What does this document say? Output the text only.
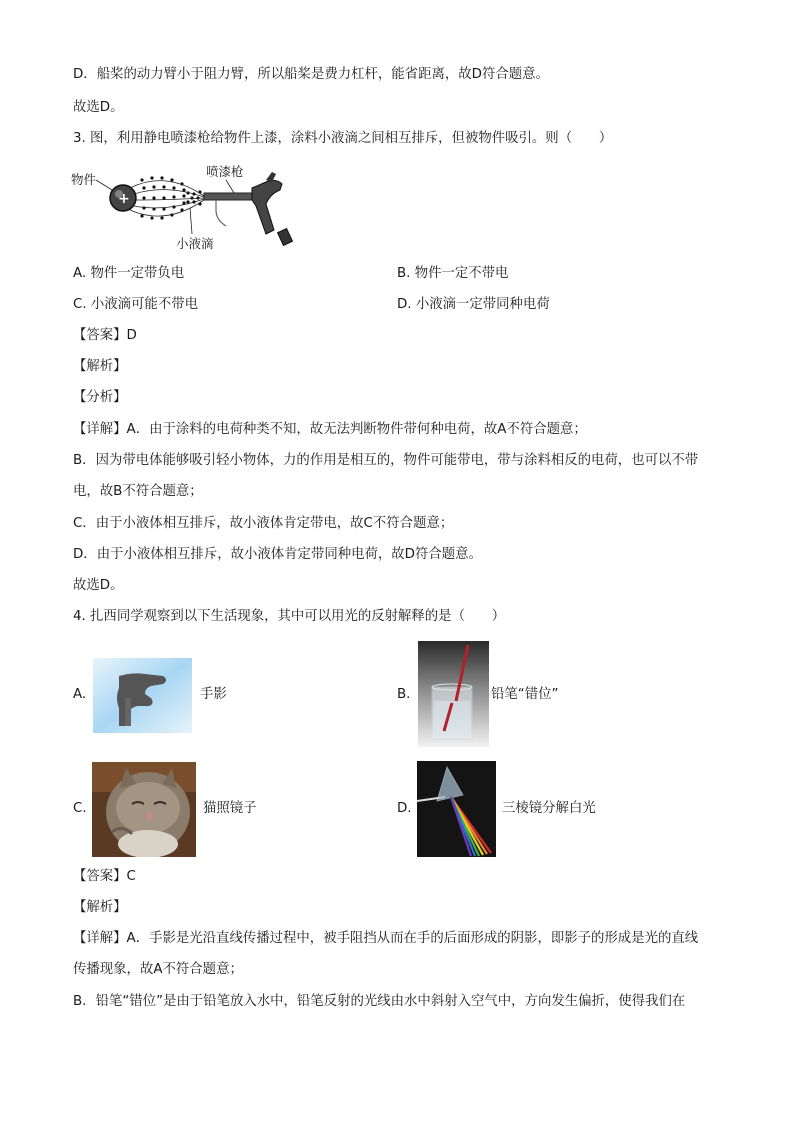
D．船桨的动力臂小于阻力臂，所以船桨是费力杠杆，能省距离，故D符合题意。
故选D。
3. 图，利用静电喷漆枪给物件上漆，涂料小液滴之间相互排斥，但被物件吸引。则（　　）
物件
喷漆枪
小液滴
+
A. 物件一定带负电	B. 物件一定不带电
C. 小液滴可能不带电	D. 小液滴一定带同种电荷
【答案】D
【解析】
【分析】
【详解】A．由于涂料的电荷种类不知，故无法判断物件带何种电荷，故A不符合题意；
B．因为带电体能够吸引轻小物体，力的作用是相互的，物件可能带电，带与涂料相反的电荷，也可以不带
电，故B不符合题意；
C．由于小液体相互排斥，故小液体肯定带电，故C不符合题意；
D．由于小液体相互排斥，故小液体肯定带同种电荷，故D符合题意。
故选D。
4. 扎西同学观察到以下生活现象，其中可以用光的反射解释的是（　　）
A.	手影	B.	铅笔“错位”
C.	猫照镜子	D.	三棱镜分解白光
【答案】C
【解析】
【详解】A．手影是光沿直线传播过程中，被手阻挡从而在手的后面形成的阴影，即影子的形成是光的直线
传播现象，故A不符合题意；
B．铅笔“错位”是由于铅笔放入水中，铅笔反射的光线由水中斜射入空气中，方向发生偏折，使得我们在
